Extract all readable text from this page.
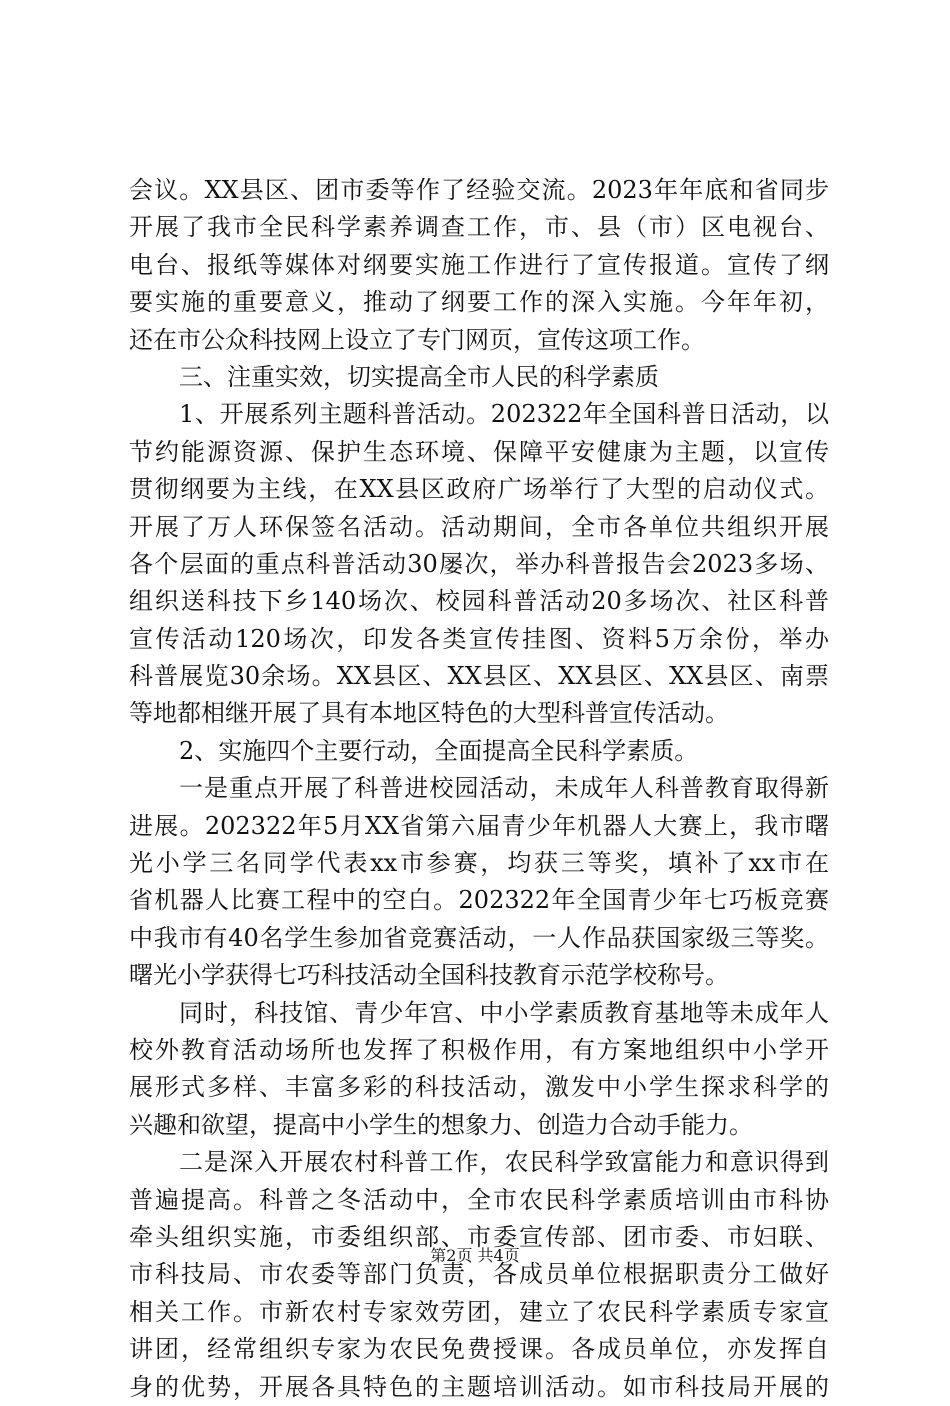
会议。XX县区、团市委等作了经验交流。2023年年底和省同步
开展了我市全民科学素养调查工作，市、县（市）区电视台、
电台、报纸等媒体对纲要实施工作进行了宣传报道。宣传了纲
要实施的重要意义，推动了纲要工作的深入实施。今年年初，
还在市公众科技网上设立了专门网页，宣传这项工作。
三、注重实效，切实提高全市人民的科学素质
1、开展系列主题科普活动。202322年全国科普日活动，以
节约能源资源、保护生态环境、保障平安健康为主题，以宣传
贯彻纲要为主线，在XX县区政府广场举行了大型的启动仪式。
开展了万人环保签名活动。活动期间，全市各单位共组织开展
各个层面的重点科普活动30屡次，举办科普报告会2023多场、
组织送科技下乡140场次、校园科普活动20多场次、社区科普
宣传活动120场次，印发各类宣传挂图、资料5万余份，举办
科普展览30余场。XX县区、XX县区、XX县区、XX县区、南票
等地都相继开展了具有本地区特色的大型科普宣传活动。
2、实施四个主要行动，全面提高全民科学素质。
一是重点开展了科普进校园活动，未成年人科普教育取得新
进展。202322年5月XX省第六届青少年机器人大赛上，我市曙
光小学三名同学代表xx市参赛，均获三等奖，填补了xx市在
省机器人比赛工程中的空白。202322年全国青少年七巧板竞赛
中我市有40名学生参加省竞赛活动，一人作品获国家级三等奖。
曙光小学获得七巧科技活动全国科技教育示范学校称号。
同时，科技馆、青少年宫、中小学素质教育基地等未成年人
校外教育活动场所也发挥了积极作用，有方案地组织中小学开
展形式多样、丰富多彩的科技活动，激发中小学生探求科学的
兴趣和欲望，提高中小学生的想象力、创造力合动手能力。
二是深入开展农村科普工作，农民科学致富能力和意识得到
普遍提高。科普之冬活动中，全市农民科学素质培训由市科协
牵头组织实施，市委组织部、市委宣传部、团市委、市妇联、
市科技局、市农委等部门负责，各成员单位根据职责分工做好
相关工作。市新农村专家效劳团，建立了农民科学素质专家宣
讲团，经常组织专家为农民免费授课。各成员单位，亦发挥自
身的优势，开展各具特色的主题培训活动。如市科技局开展的
第2页 共4页
